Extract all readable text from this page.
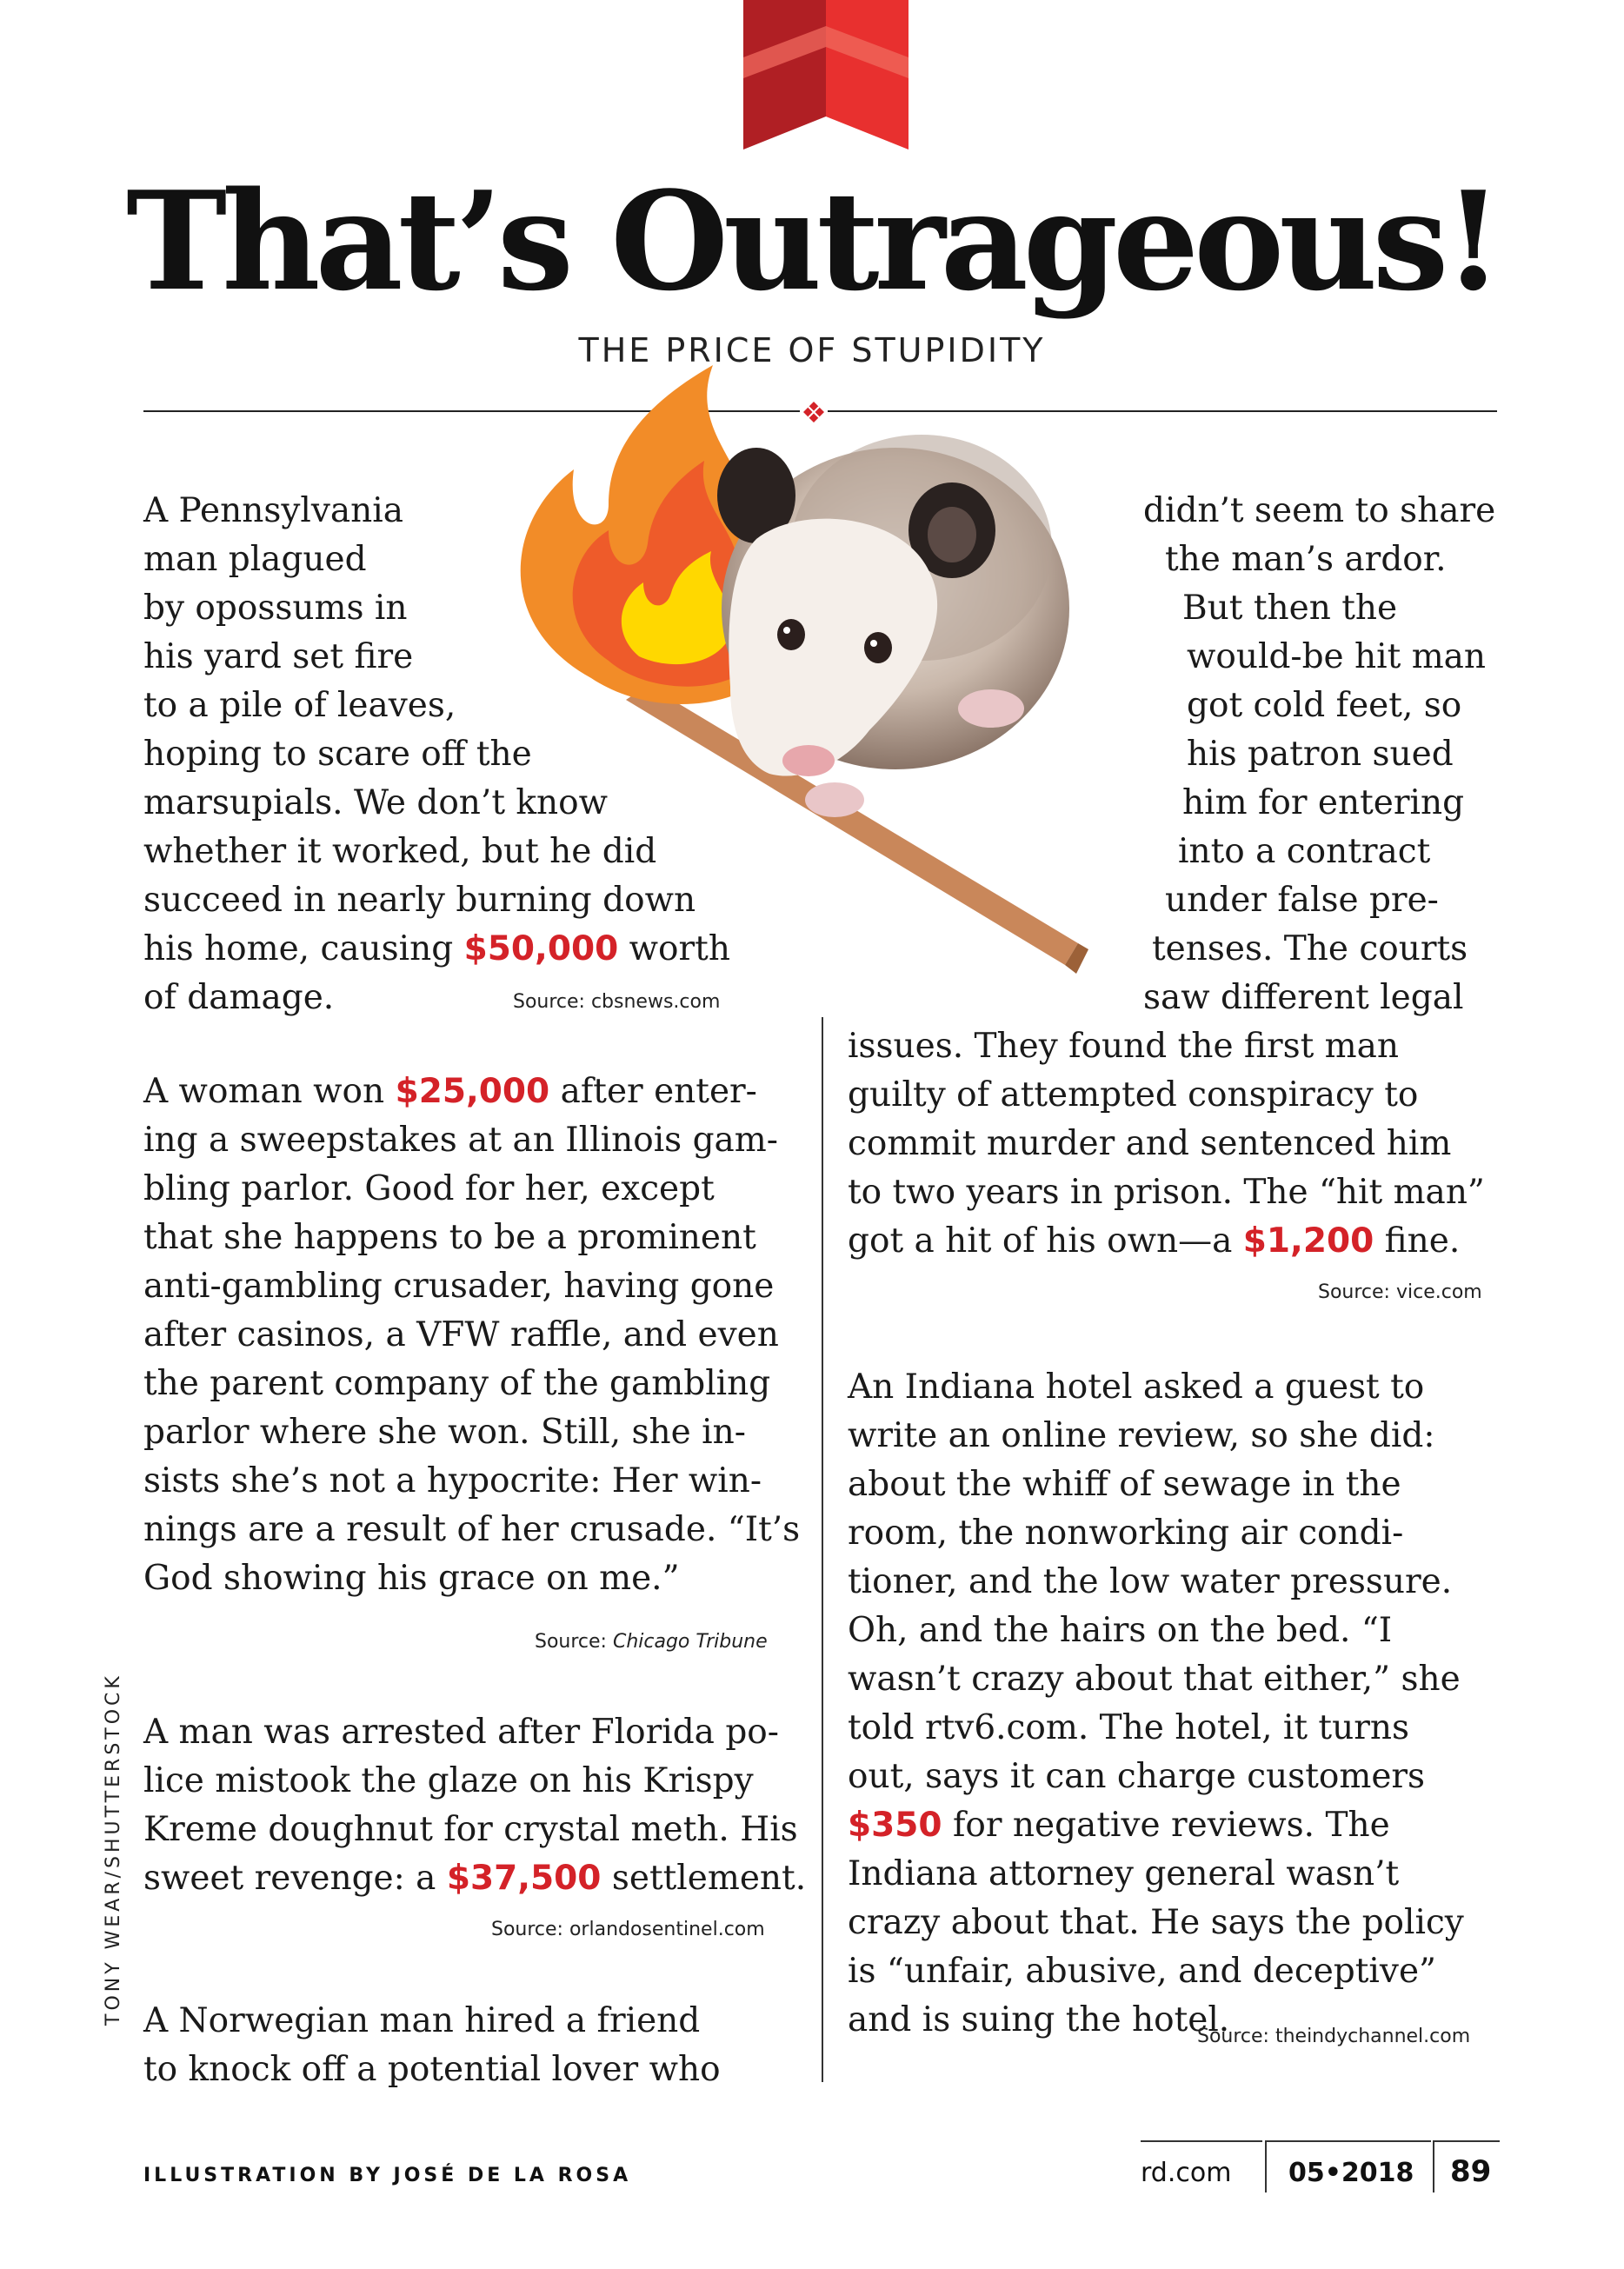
That’s Outrageous!
THE PRICE OF STUPIDITY
A Pennsylvania
man plagued
by opossums in
his yard set fire
to a pile of leaves,
hoping to scare off the
marsupials. We don’t know
whether it worked, but he did
succeed in nearly burning down
his home, causing $50,000 worth
of damage.	Source: cbsnews.com
A woman won $25,000 after enter-
ing a sweepstakes at an Illinois gam-
bling parlor. Good for her, except
that she happens to be a prominent
anti-gambling crusader, having gone
after casinos, a VFW raffle, and even
the parent company of the gambling
parlor where she won. Still, she in-
sists she’s not a hypocrite: Her win-
nings are a result of her crusade. “It’s
God showing his grace on me.”
Source: Chicago Tribune
A man was arrested after Florida po-
lice mistook the glaze on his Krispy
Kreme doughnut for crystal meth. His
sweet revenge: a $37,500 settlement.
Source: orlandosentinel.com
A Norwegian man hired a friend
to knock off a potential lover who
didn’t seem to share
the man’s ardor.
But then the
would-be hit man
got cold feet, so
his patron sued
him for entering
into a contract
under false pre-
tenses. The courts
saw different legal
issues. They found the first man
guilty of attempted conspiracy to
commit murder and sentenced him
to two years in prison. The “hit man”
got a hit of his own—a $1,200 fine.
Source: vice.com
An Indiana hotel asked a guest to
write an online review, so she did:
about the whiff of sewage in the
room, the nonworking air condi-
tioner, and the low water pressure.
Oh, and the hairs on the bed. “I
wasn’t crazy about that either,” she
told rtv6.com. The hotel, it turns
out, says it can charge customers
$350 for negative reviews. The
Indiana attorney general wasn’t
crazy about that. He says the policy
is “unfair, abusive, and deceptive”
and is suing the hotel.
Source: theindychannel.com
TONY WEAR/SHUTTERSTOCK
ILLUSTRATION BY JOSÉ DE LA ROSA	rd.com 05•2018 89
